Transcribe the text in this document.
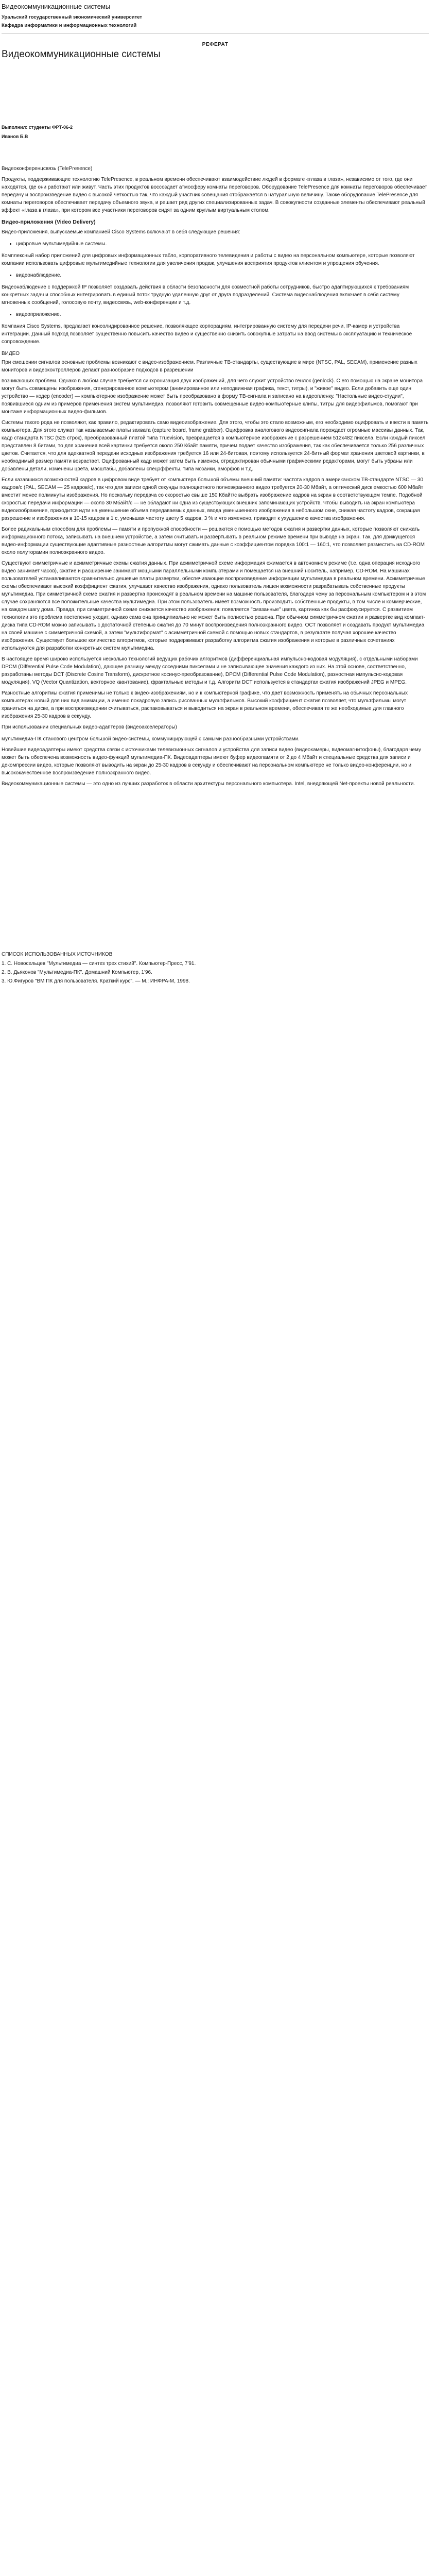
Видеокоммуникационные системы
Уральский государственный экономический университет
Кафедра информатики и информационных технологий
РЕФЕРАТ
Видеокоммуникационные системы
Выполнил: студенты ФРТ-06-2
Иванов Б.В
Видеоконференцсвязь (TelePresence)

Продукты, поддерживающие технологию TelePresence, в реальном времени обеспечивают взаимодействие людей в формате «глаза в глаза», независимо от того, где они находятся, где они работают или живут. Часть этих продуктов воссоздает атмосферу комнаты переговоров. Оборудование TelePresence для комнаты переговоров обеспечивает передачу и воспроизведение видео с высокой четкостью так, что каждый участник совещания отображается в натуральную величину. Также оборудование TelePresence для комнаты переговоров обеспечивает передачу объемного звука, и решает ряд других специализированных задач. В совокупности созданные элементы обеспечивают реальный эффект «глаза в глаза», при котором все участники переговоров сидят за одним круглым виртуальным столом.

Видео-приложения (Video Delivery)

Видео-приложения, выпускаемые компанией Cisco Systems включают в себя следующие решения:

• цифровые мультимедийные системы.

Комплексный набор приложений для цифровых информационных табло, корпоративного телевидения и работы с видео на персональном компьютере, которые позволяют компании использовать цифровые мультимедийные технологии для увеличения продаж, улучшения восприятия продуктов клиентом и упрощения обучения.

• видеонаблюдение.

Видеонаблюдение с поддержкой IP позволяет создавать действия в области безопасности для совместной работы сотрудников, быстро адаптирующихся к требованиям конкретных задач и способных интегрировать в единый поток трудную удаленную друг от друга подразделений. Система видеонаблюдения включает в себя систему мгновенных сообщений, голосовую почту, видеосвязь, web-конференции и т.д.

• видеоприложение.

Компания Cisco Systems, предлагает консолидированное решение, позволяющее корпорациям, интегрированную систему для передачи речи, IP-камер и устройства интеграции. Данный подход позволяет существенно повысить качество видео и существенно снизить совокупные затраты на ввод системы в эксплуатацию и техническое сопровождение.

ВИДЕО

При смешении сигналов основные проблемы возникают с видео-изображением. Различные ТВ-стандарты, существующие в мире (NTSC, PAL, SECAM), применение разных мониторов и видеоконтроллеров делают разнообразие подходов в разрешении

возникающих проблем. Однако в любом случае требуется синхронизация двух изображений, для чего служит устройство генлок (genlock). С его помощью на экране монитора могут быть совмещены изображения, сгенерированное компьютером (анимированное или неподвижная графика, текст, титры), и "живое" видео. Если добавить еще один устройство — кодер (encoder) — компьютерное изображение может быть преобразовано в форму ТВ-сигнала и записано на видеопленку. "Настольные видео-студии", появившиеся одним из примеров применения систем мультимедиа, позволяют готовить совмещенные видео-компьютерные клипы, титры для видеофильмов, помогают при монтаже информационных видео-фильмов.

Системы такого рода не позволяют, как правило, редактировать само видеоизображение. Для этого, чтобы это стало возможным, его необходимо оцифровать и ввести в память компьютера. Для этого служат так называемые платы захвата (capture board, frame grabber). Оцифровка аналогового видеосигнала порождает огромные массивы данных. Так, кадр стандарта NTSC (525 строк), преобразованный платой типа Truevision, превращается в компьютерное изображение с разрешением 512x482 пиксела. Если каждый пиксел представлен 8 битами, то для хранения всей картинки требуется около 250 Кбайт памяти, причем подает качество изображения, так как обеспечивается только 256 различных цветов. Считается, что для адекватной передачи исходных изображения требуется 16 или 24-битовая, поэтому используется 24-битный формат хранения цветовой картинки, в необходимый размер памяти возрастает. Оцифрованный кадр может затем быть изменен, отредактирован обычными графическими редакторами, могут быть убраны или добавлены детали, изменены цвета, масштабы, добавлены спецэффекты, типа мозаики, аморфов и т.д.

Если казавшихся возможностей кадров в цифровом виде требует от компьютера большой объемы внешний памяти: частота кадров в американском ТВ-стандарте NTSC — 30 кадров/с (PAL, SECAM — 25 кадров/с), так что для записи одной секунды полноцветного полноэкранного видео требуется 20-30 Мбайт, а оптический диск емкостью 600 Мбайт вместит менее полминуты изображения. Но поскольку передача со скоростью свыше 150 Кбайт/с выбрать изображение кадров на экран в соответствующем темпе. Подобной скоростью передачи информации — около 30 Мбайт/с — не обладают ни одна из существующих внешних запоминающих устройств. Чтобы выводить на экран компьютера видеоизображение, приходится идти на уменьшение объема передаваемых данных, ввода уменьшенного изображения в небольшом окне, снижая частоту кадров, сокращая разрешение и изображения в 10-15 кадров в 1 с, уменьшая частоту цвету 5 кадров, 3 % и что изменено, приводит к ухудшению качества изображения.

Более радикальным способом для проблемы — памяти и пропускной способности — решаются с помощью методов сжатия и развертки данных, которые позволяют снижать информационного потока, записывать на внешнем устройстве, а затем считывать и развертывать в реальном режиме времени при выводе на экран. Так, для движущегося видео-информации существующие адаптивные разностные алгоритмы могут сжимать данные с коэффициентом порядка 100:1 — 160:1, что позволяет разместить на CD-ROM около полуторамин полноэкранного видео.

Существуют симметричные и асимметричные схемы сжатия данных. При асимметричной схеме информация сжимается в автономном режиме (т.е. одна операция исходного видео занимает часов), сжатие и расширение занимают мощными параллельными компьютерами и помещается на внешний носитель, например, CD-ROM. На машинах пользователей устанавливаются сравнительно дешевые платы развертки, обеспечивающие воспроизведение информации мультимедиа в реальном времени. Асимметричные схемы обеспечивают высокий коэффициент сжатия, улучшают качество изображения, однако пользователь лишен возможности разрабатывать собственные продукты мультимедиа. При симметричной схеме сжатия и развертка происходят в реальном времени на машине пользователя, благодаря чему за персональным компьютером и в этом случае сохраняются все положительные качества мультимедиа. При этом пользователь имеет возможность производить собственные продукты, в том числе и коммерческие, на каждом шагу дома. Правда, при симметричной схеме снижается качество изображения: появляется "смазанные" цвета, картинка как бы расфокусируется. С развитием технологии это проблема постепенно уходит, однако сама она принципиально не может быть полностью решена. При обычном симметричном сжатии и развертке вид компакт-диска типа CD-ROM можно записывать с достаточной степенью сжатия до 70 минут воспроизведения полноэкранного видео. ОСТ позволяет и создавать продукт мультимедиа на своей машине с симметричной схемой, а затем "мультиформат" с асимметричной схемой с помощью новых стандартов, в результате получая хорошее качество изображения. Существует большое количество алгоритмов, которые поддерживают разработку алгоритма сжатия изображения и которые в различных сочетаниях используются для разработки конкретных систем мультимедиа.

В настоящее время широко используется несколько технологий ведущих рабочих алгоритмов (дифференциальная импульсно-кодовая модуляция), с отдельными наборами DPCM (Differential Pulse Code Modulation), дающее разницу между соседними пикселами и не записывающее значения каждого из них. На этой основе, соответственно, разработаны методы DCT (Discrete Cosine Transform), дискретное косинус-преобразование), DPCM (Differential Pulse Code Modulation), разностная импульсно-кодовая модуляция), VQ (Vector Quantization, векторное квантование), фрактальные методы и т.д. Алгоритм DCT используется в стандартах сжатия изображений JPEG и MPEG.

Разностные алгоритмы сжатия применимы не только к видео-изображениям, но и к компьютерной графике, что дает возможность применять на обычных персональных компьютерах новый для них вид анимации, а именно покадровую запись рисованных мультфильмов. Высокий коэффициент сжатия позволяет, что мультфильмы могут храниться на диске, а при воспроизведении считываться, распаковываться и выводиться на экран в реальном времени, обеспечивая те же необходимые для главного изображения 25-30 кадров в секунду.

При использовании специальных видео-адаптеров (видеоакселераторы)

мультимедиа-ПК станового центром большой видео-системы, коммуницирующей с самыми разнообразными устройствами.

Новейшие видеоадаптеры имеют средства связи с источниками телевизионных сигналов и устройства для записи видео (видеокамеры, видеомагнитофоны), благодаря чему может быть обеспечена возможность видео-функций мультимедиа-ПК. Видеоадаптеры имеют буфер видеопамяти от 2 до 4 Мбайт и специальные средства для записи и декомпрессии видео, которые позволяют выводить на экран до 25-30 кадров в секунду и обеспечивают на персональном компьютере не только видео-конференции, но и высококачественное воспроизведение полноэкранного видео.

Видеокоммуникационные системы — это одно из лучших разработок в области архитектуры персонального компьютера. Intel, внедряющей Net-проекты новой реальности.

СПИСОК ИСПОЛЬЗОВАННЫХ ИСТОЧНИКОВ
1. С. Новосельцев "Мультимедиа — синтез трех стихий". Компьютер-Пресс, 7'91.
2. В. Дьяконов "Мультимедиа-ПК". Домашний Компьютер, 1'96.
3. Ю.Фигуров "ВМ ПК для пользователя. Краткий курс". — М.: ИНФРА-М, 1998.
